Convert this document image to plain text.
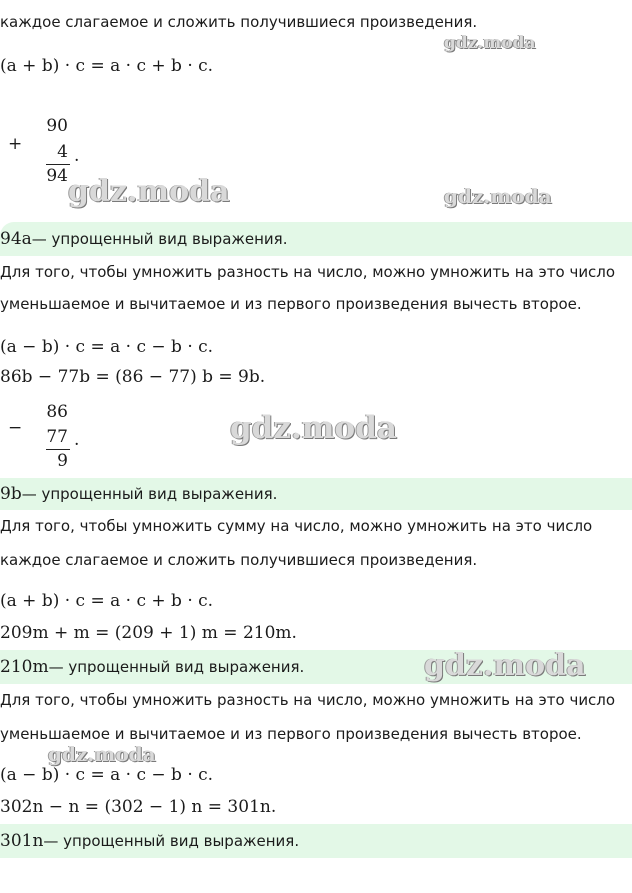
каждое слагаемое и сложить получившиеся произведения.
(a + b) · c = a · c + b · c.
+
90
4
94
.
94a — упрощенный вид выражения.
Для того, чтобы умножить разность на число, можно умножить на это число
уменьшаемое и вычитаемое и из первого произведения вычесть второе.
(a − b) · c = a · c − b · c.
86b − 77b = (86 − 77) b = 9b.
−
86
77
9
.
9b — упрощенный вид выражения.
Для того, чтобы умножить сумму на число, можно умножить на это число
каждое слагаемое и сложить получившиеся произведения.
(a + b) · c = a · c + b · c.
209m + m = (209 + 1) m = 210m.
210m — упрощенный вид выражения.
Для того, чтобы умножить разность на число, можно умножить на это число
уменьшаемое и вычитаемое и из первого произведения вычесть второе.
(a − b) · c = a · c − b · c.
302n − n = (302 − 1) n = 301n.
301n — упрощенный вид выражения.
gdz.moda
gdz.moda	gdz.moda
gdz.moda
gdz.moda
gdz.moda
